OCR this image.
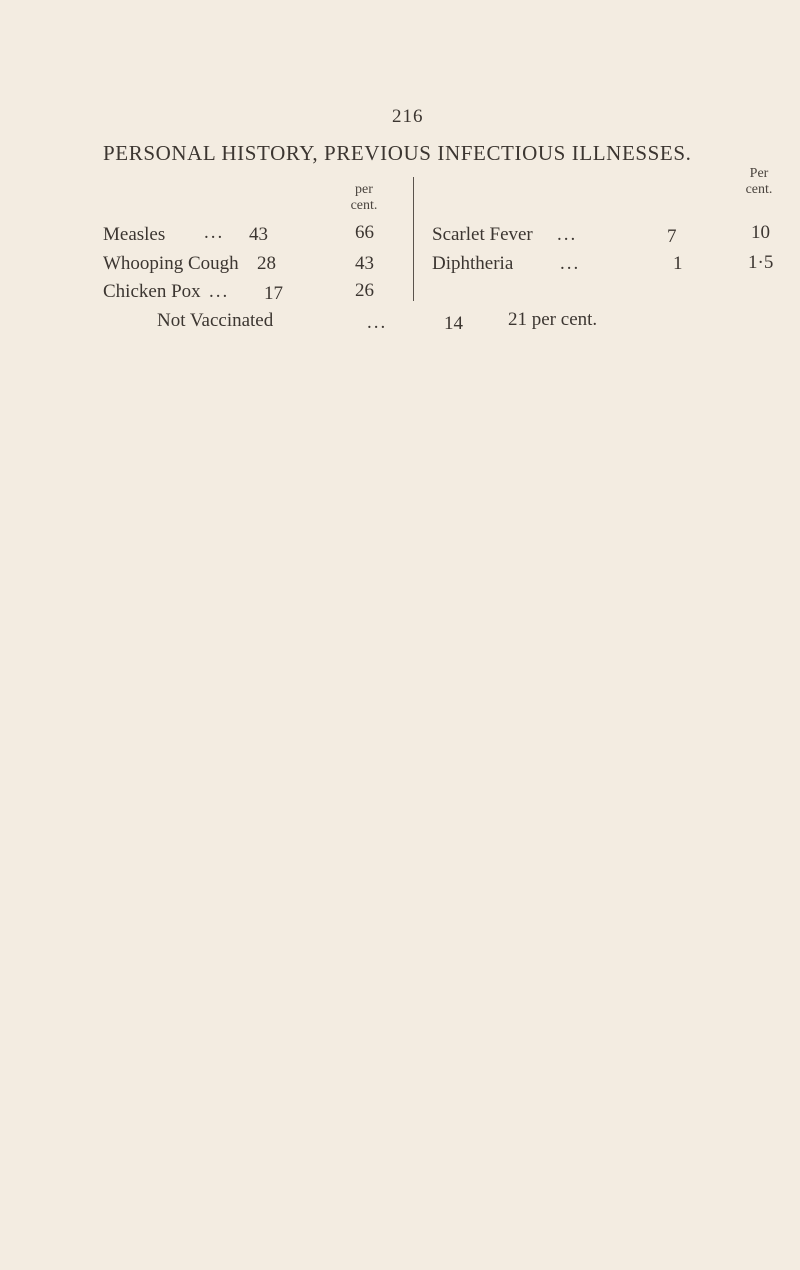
216
PERSONAL HISTORY, PREVIOUS INFECTIOUS ILLNESSES.
per
cent.
Per
cent.
Measles ... 43	66
Whooping Cough 28	43
Chicken Pox ... 17	26
Scarlet Fever ...	7	10
Diphtheria ...	1	1·5
Not Vaccinated	...	14 21 per cent.
